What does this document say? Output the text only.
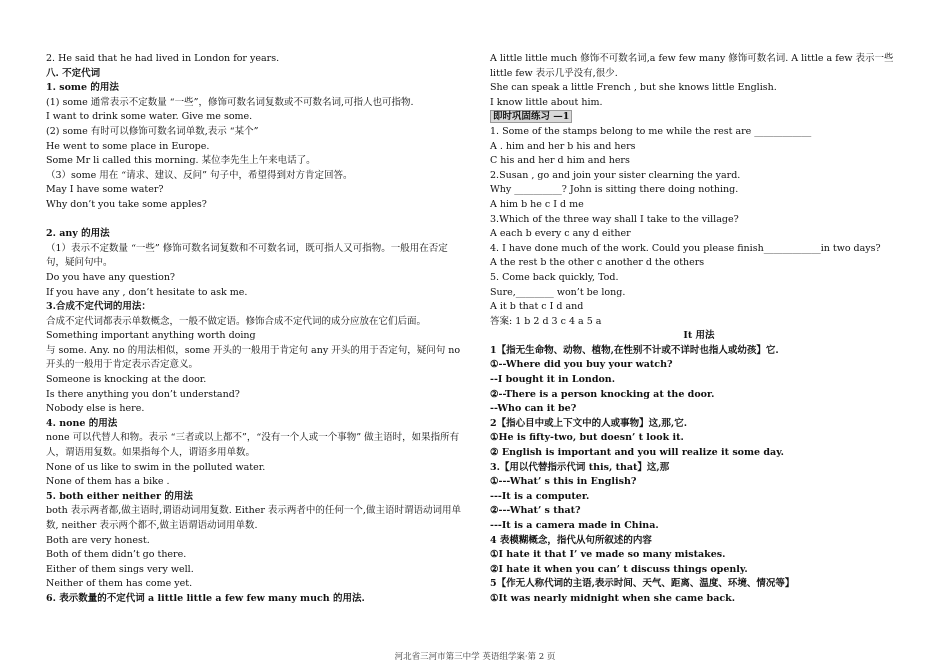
2. He said that he had lived in London for years.
八. 不定代词
1. some 的用法
(1) some 通常表示不定数量 “一些”，修饰可数名词复数或不可数名词,可指人也可指物.
I want to drink some water. Give me some.
(2) some 有时可以修饰可数名词单数,表示 “某个”
He went to some place in Europe.
Some Mr li called this morning. 某位李先生上午来电话了。
（3）some 用在 “请求、建议、反问” 句子中，希望得到对方肯定回答。
May I have some water?
Why don’t you take some apples?
2. any 的用法
（1）表示不定数量 “一些” 修饰可数名词复数和不可数名词，既可指人又可指物。一般用在否定句，疑问句中。
Do you have any question?
If you have any , don’t hesitate to ask me.
3.合成不定代词的用法：
合成不定代词都表示单数概念，一般不做定语。修饰合成不定代词的成分应放在它们后面。
Something important anything worth doing
与 some. Any. no 的用法相似，some 开头的一般用于肯定句 any 开头的用于否定句，疑问句 no 开头的一般用于肯定表示否定意义。
Someone is knocking at the door.
Is there anything you don’t understand?
Nobody else is here.
4. none 的用法
none 可以代替人和物。表示 “三者或以上都不”，“没有一个人或一个事物” 做主语时，如果指所有人，谓语用复数。如果指每个人，谓语多用单数。
None of us like to swim in the polluted water.
None of them has a bike .
5. both either neither 的用法
both 表示两者都,做主语时,谓语动词用复数. Either 表示两者中的任何一个,做主语时谓语动词用单数, neither 表示两个都不,做主语谓语动词用单数.
Both are very honest.
Both of them didn’t go there.
Either of them sings very well.
Neither of them has come yet.
6. 表示数量的不定代词 a little little a few few many much 的用法.
A little little much 修饰不可数名词,a few few many 修饰可数名词. A little a few 表示一些 little few 表示几乎没有,很少.
She can speak a little French , but she knows little English.
I know little about him.
即时巩固练习 —1
1. Some of the stamps belong to me while the rest are ____________
A . him and her b his and hers
C his and her d him and hers
2.Susan , go and join your sister clearning the yard.
Why __________? John is sitting there doing nothing.
A him b he c I d me
3.Which of the three way shall I take to the village?
A each b every c any d either
4. I have done much of the work. Could you please finish____________in two days?
A the rest b the other c another d the others
5. Come back quickly, Tod.
Sure,________ won’t be long.
A it b that c I d and
答案: 1 b 2 d 3 c 4 a 5 a
It 用法
1【指无生命物、动物、植物,在性别不计或不详时也指人或幼孩】它.
①--Where did you buy your watch?
--I bought it in London.
②--There is a person knocking at the door.
--Who can it be?
2【指心目中或上下文中的人或事物】这,那,它.
①He is fifty-two, but doesn’ t look it.
② English is important and you will realize it some day.
3.【用以代替指示代词 this, that】这,那
①---What’ s this in English?
---It is a computer.
②---What’ s that?
---It is a camera made in China.
4 表模糊概念，指代从句所叙述的内容
①I hate it that I’ ve made so many mistakes.
②I hate it when you can’ t discuss things openly.
5【作无人称代词的主语,表示时间、天气、距离、温度、环境、情况等】
①It was nearly midnight when she came back.
河北省三河市第三中学 英语组学案·第 2 页
